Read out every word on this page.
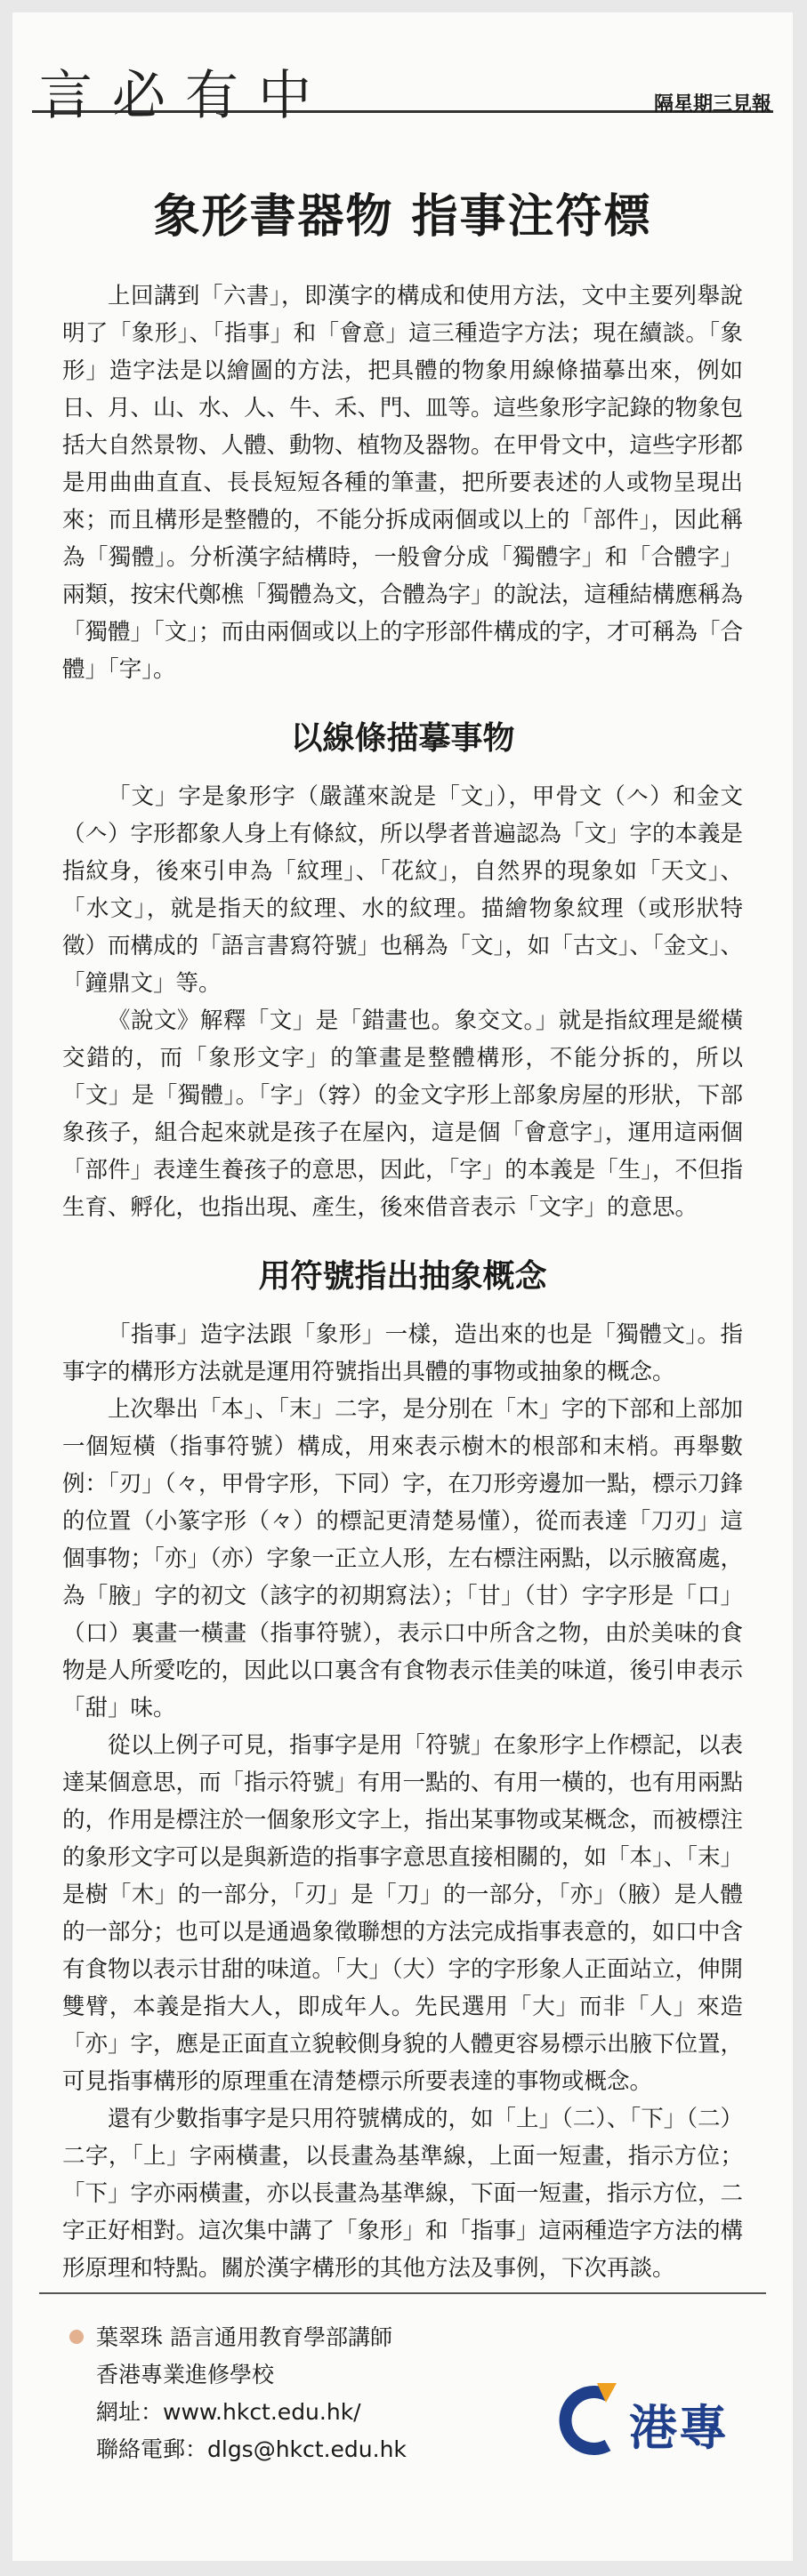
言必有中	隔星期三見報
象形書器物 指事注符標

上回講到「六書」，即漢字的構成和使用方法，文中主要列舉說明了「象形」、「指事」和「會意」這三種造字方法；現在續談。「象形」造字法是以繪圖的方法，把具體的物象用線條描摹出來，例如日、月、山、水、人、牛、禾、門、皿等。這些象形字記錄的物象包括大自然景物、人體、動物、植物及器物。在甲骨文中，這些字形都是用曲曲直直、長長短短各種的筆畫，把所要表述的人或物呈現出來；而且構形是整體的，不能分拆成兩個或以上的「部件」，因此稱為「獨體」。分析漢字結構時，一般會分成「獨體字」和「合體字」兩類，按宋代鄭樵「獨體為文，合體為字」的說法，這種結構應稱為「獨體」「文」；而由兩個或以上的字形部件構成的字，才可稱為「合體」「字」。

以線條描摹事物

「文」字是象形字（嚴謹來說是「文」），甲骨文（𠆢）和金文（𠆢）字形都象人身上有條紋，所以學者普遍認為「文」字的本義是指紋身，後來引申為「紋理」、「花紋」，自然界的現象如「天文」、「水文」，就是指天的紋理、水的紋理。描繪物象紋理（或形狀特徵）而構成的「語言書寫符號」也稱為「文」，如「古文」、「金文」、「鐘鼎文」等。

《說文》解釋「文」是「錯畫也。象交文。」就是指紋理是縱橫交錯的，而「象形文字」的筆畫是整體構形，不能分拆的，所以「文」是「獨體」。「字」（𡦂）的金文字形上部象房屋的形狀，下部象孩子，組合起來就是孩子在屋內，這是個「會意字」，運用這兩個「部件」表達生養孩子的意思，因此，「字」的本義是「生」，不但指生育、孵化，也指出現、產生，後來借音表示「文字」的意思。

用符號指出抽象概念

「指事」造字法跟「象形」一樣，造出來的也是「獨體文」。指事字的構形方法就是運用符號指出具體的事物或抽象的概念。

上次舉出「本」、「末」二字，是分別在「木」字的下部和上部加一個短橫（指事符號）構成，用來表示樹木的根部和末梢。再舉數例：「刃」（𠚤，甲骨字形，下同）字，在刀形旁邊加一點，標示刀鋒的位置（小篆字形（𠚤）的標記更清楚易懂），從而表達「刀刃」這個事物；「亦」（亦）字象一正立人形，左右標注兩點，以示腋窩處，為「腋」字的初文（該字的初期寫法）；「甘」（甘）字字形是「口」（口）裏畫一橫畫（指事符號），表示口中所含之物，由於美味的食物是人所愛吃的，因此以口裏含有食物表示佳美的味道，後引申表示「甜」味。

從以上例子可見，指事字是用「符號」在象形字上作標記，以表達某個意思，而「指示符號」有用一點的、有用一橫的，也有用兩點的，作用是標注於一個象形文字上，指出某事物或某概念，而被標注的象形文字可以是與新造的指事字意思直接相關的，如「本」、「末」是樹「木」的一部分，「刃」是「刀」的一部分，「亦」（腋）是人體的一部分；也可以是通過象徵聯想的方法完成指事表意的，如口中含有食物以表示甘甜的味道。「大」（大）字的字形象人正面站立，伸開雙臂，本義是指大人，即成年人。先民選用「大」而非「人」來造「亦」字，應是正面直立貌較側身貌的人體更容易標示出腋下位置，可見指事構形的原理重在清楚標示所要表達的事物或概念。

還有少數指事字是只用符號構成的，如「上」（二）、「下」（二）二字，「上」字兩橫畫，以長畫為基準線，上面一短畫，指示方位；「下」字亦兩橫畫，亦以長畫為基準線，下面一短畫，指示方位，二字正好相對。這次集中講了「象形」和「指事」這兩種造字方法的構形原理和特點。關於漢字構形的其他方法及事例，下次再談。

葉翠珠 語言通用教育學部講師
香港專業進修學校
網址：www.hkct.edu.hk/
聯絡電郵：dlgs@hkct.edu.hk	港專
